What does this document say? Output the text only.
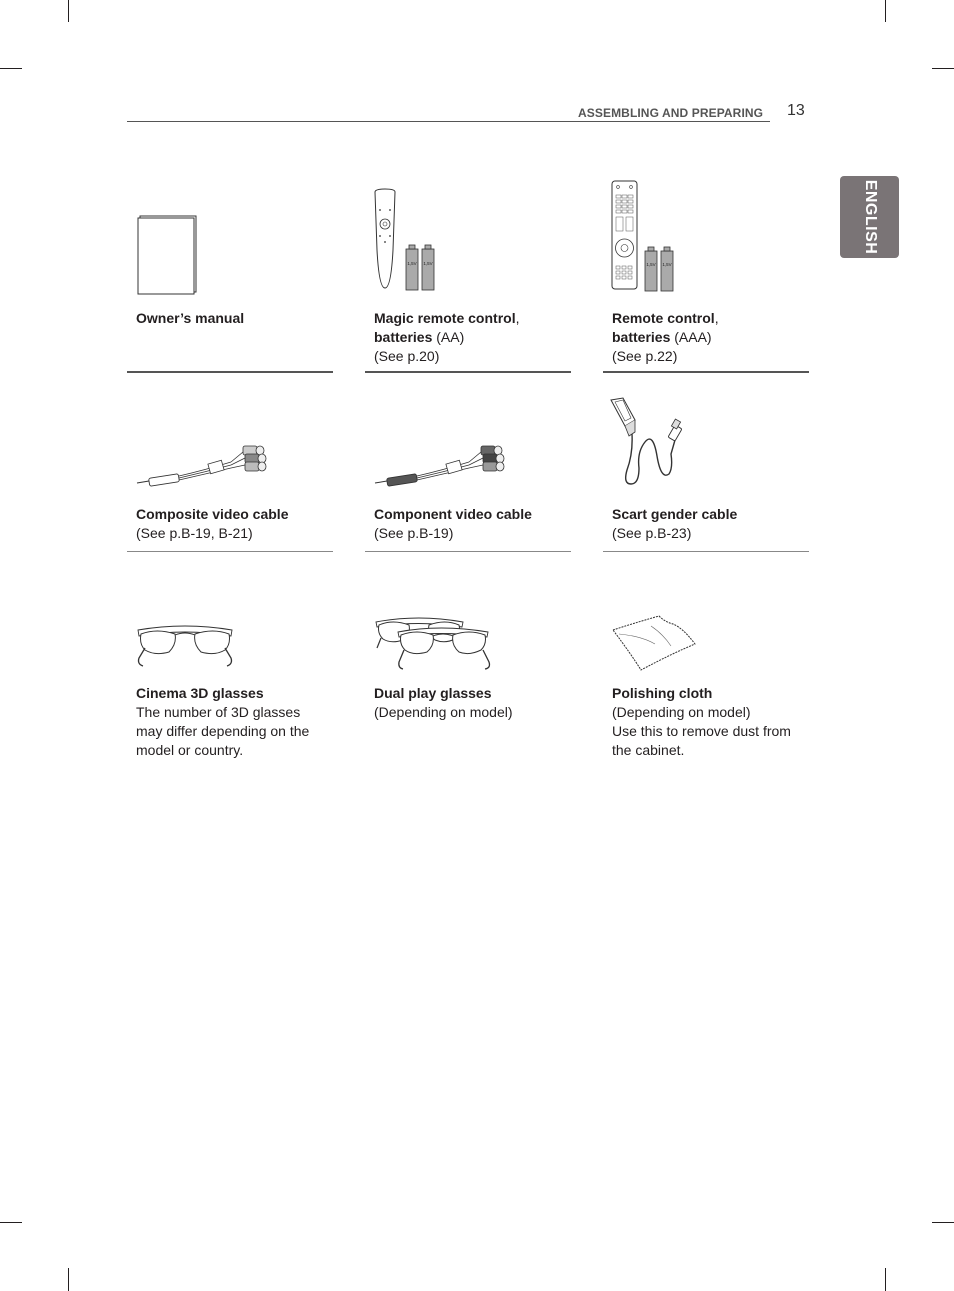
ASSEMBLING AND PREPARING 13
ENGLISH
Owner’s manual
1,5V 1,5V
Magic remote control,
batteries (AA)
(See p.20)
1,5V 1,5V
Remote control,
batteries (AAA)
(See p.22)
Composite video cable
(See p.B-19, B-21)
Component video cable
(See p.B-19)
Scart gender cable
(See p.B-23)
Cinema 3D glasses
The number of 3D glasses
may differ depending on the
model or country.
Dual play glasses
(Depending on model)
Polishing cloth
(Depending on model)
Use this to remove dust from
the cabinet.
